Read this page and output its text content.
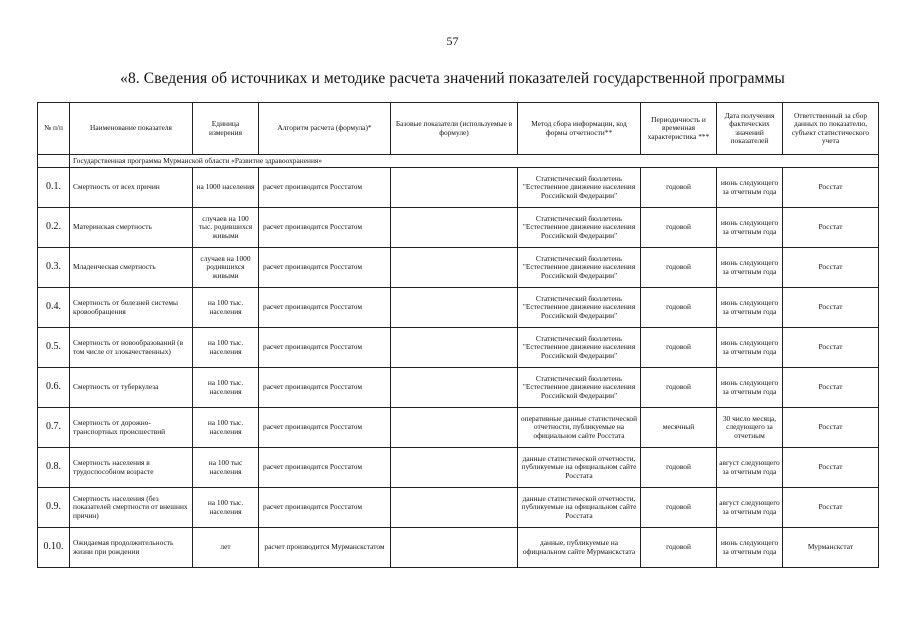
57
«8. Сведения об источниках и методике расчета значений показателей государственной программы
№ п/п	Наименование показателя	Единица измерения	Алгоритм расчета (формула)*	Базовые показатели (используемые в формуле)	Метод сбора информации, код формы отчетности**	Периодичность и временная характеристика ***	Дата получения фактических значений показателей	Ответственный за сбор данных по показателю, субъект статистического учета
	Государственная программа Мурманской области «Развитие здравоохранения»							
0.1.	Смертность от всех причин	на 1000 населения	расчет производится Росстатом		Статистический бюллетень "Естественное движение населения Российской Федерации"	годовой	июнь следующего за отчетным года	Росстат
0.2.	Материнская смертность	случаев на 100 тыс. родившихся живыми	расчет производится Росстатом		Статистический бюллетень "Естественное движение населения Российской Федерации"	годовой	июнь следующего за отчетным года	Росстат
0.3.	Младенческая смертность	случаев на 1000 родившихся живыми	расчет производится Росстатом		Статистический бюллетень "Естественное движение населения Российской Федерации"	годовой	июнь следующего за отчетным года	Росстат
0.4.	Смертность от болезней системы кровообращения	на 100 тыс. населения	расчет производится Росстатом		Статистический бюллетень "Естественное движение населения Российской Федерации"	годовой	июнь следующего за отчетным года	Росстат
0.5.	Смертность от новообразований (в том числе от злокачественных)	на 100 тыс. населения	расчет производится Росстатом		Статистический бюллетень "Естественное движение населения Российской Федерации"	годовой	июнь следующего за отчетным года	Росстат
0.6.	Смертность от туберкулеза	на 100 тыс. населения	расчет производится Росстатом		Статистический бюллетень "Естественное движение населения Российской Федерации"	годовой	июнь следующего за отчетным года	Росстат
0.7.	Смертность от дорожно-транспортных происшествий	на 100 тыс. населения	расчет производится Росстатом		оперативные данные статистической отчетности, публикуемые на официальном сайте Росстата	месячный	30 число месяца, следующего за отчетным	Росстат
0.8.	Смертность населения в трудоспособном возрасте	на 100 тыс населения	расчет производится Росстатом		данные статистической отчетности, публикуемые на официальном сайте Росстата	годовой	август следующего за отчетным года	Росстат
0.9.	Смертность населения (без показателей смертности от внешних причин)	на 100 тыс. населения	расчет производится Росстатом		данные статистической отчетности, публикуемые на официальном сайте Росстата	годовой	август следующего за отчетным года	Росстат
0.10.	Ожидаемая продолжительность жизни при рождении	лет	расчет производится Мурманскстатом		данные, публикуемые на официальном сайте Мурманскстата	годовой	июнь следующего за отчетным года	Мурманскстат
